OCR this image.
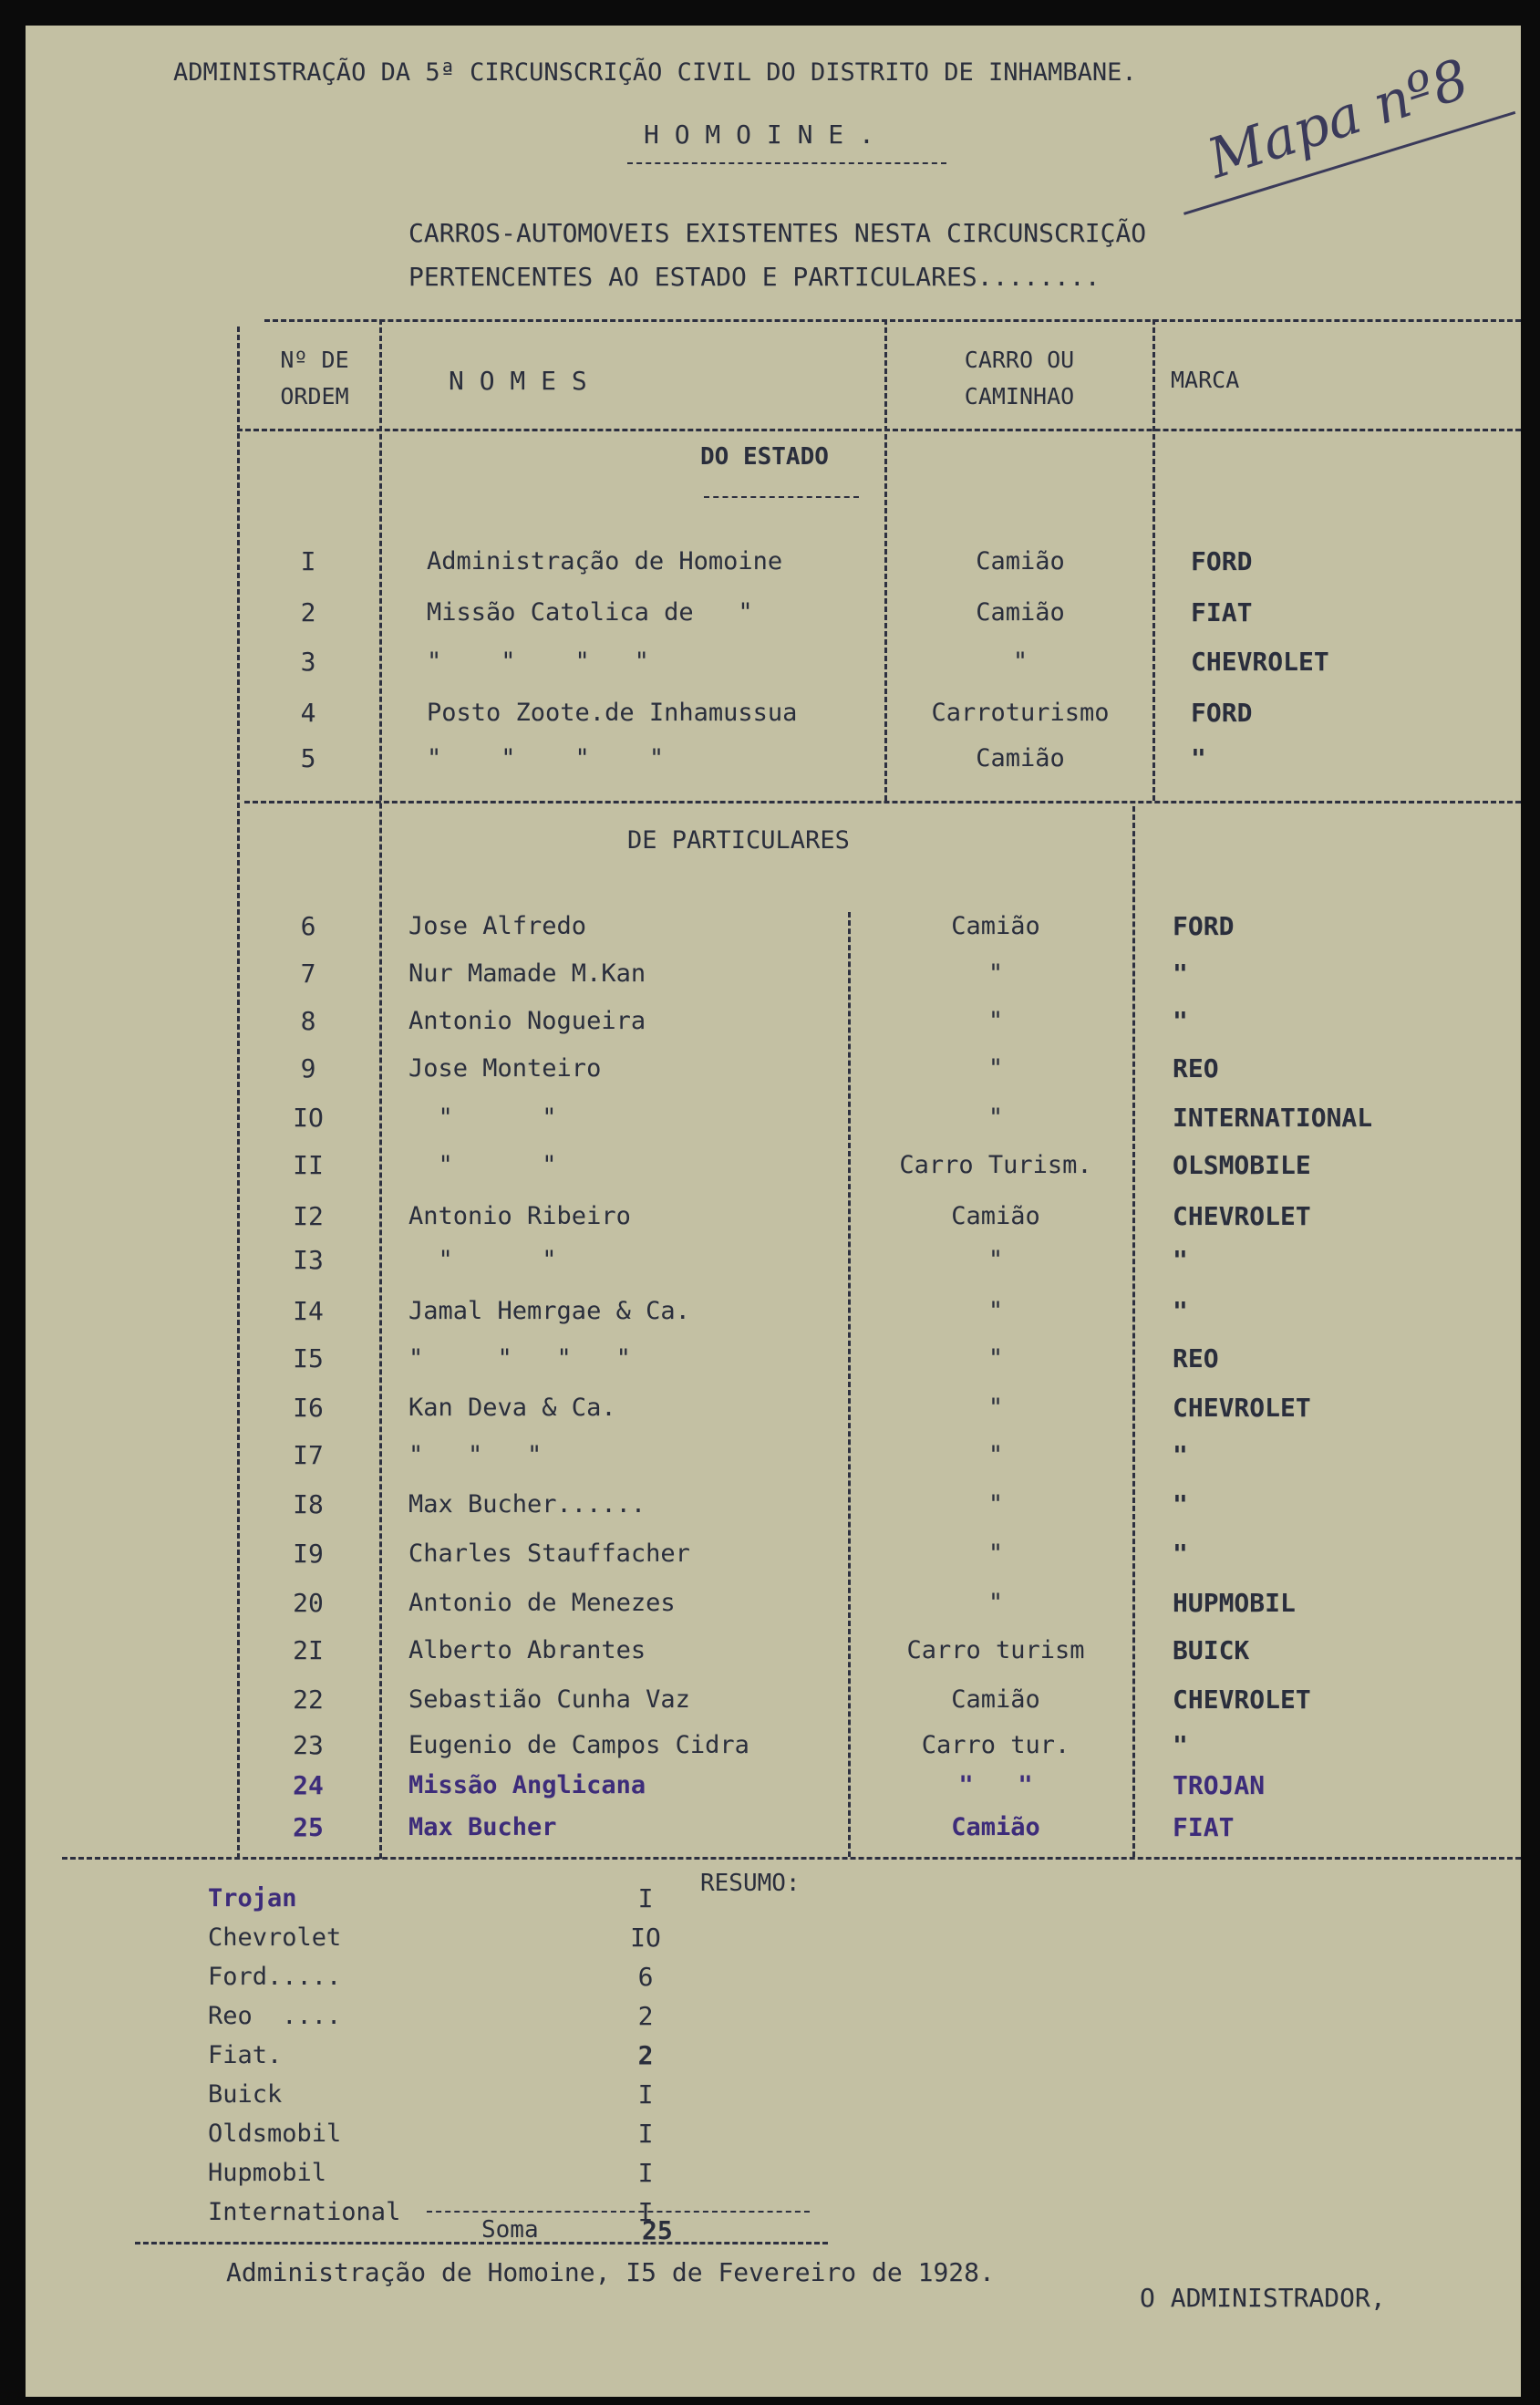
ADMINISTRAÇÃO DA 5ª CIRCUNSCRIÇÃO CIVIL DO DISTRITO DE INHAMBANE.
H O M O I N E .	Mapa nº8
CARROS-AUTOMOVEIS EXISTENTES NESTA CIRCUNSCRIÇÃO
PERTENCENTES AO ESTADO E PARTICULARES........
Nº DE
ORDEM
N O M E S
CARRO OU
CAMINHAO
MARCA
DO ESTADO
I	Administração de Homoine	Camião	FORD
2	Missão Catolica de   "	Camião	FIAT
3	"    "    "   "	"	CHEVROLET
4	Posto Zoote.de Inhamussua	Carroturismo	FORD
5	"    "    "    "	Camião	"
DE PARTICULARES
6	Jose Alfredo	Camião	FORD
7	Nur Mamade M.Kan	"	"
8	Antonio Nogueira	"	"
9	Jose Monteiro	"	REO
IO	"      "	"	INTERNATIONAL
II	"      "	Carro Turism.	OLSMOBILE
I2	Antonio Ribeiro	Camião	CHEVROLET
I3	"      "	"	"
I4	Jamal Hemrgae & Ca.	"	"
I5	"     "   "   "	"	REO
I6	Kan Deva & Ca.	"	CHEVROLET
I7	"   "   "	"	"
I8	Max Bucher......	"	"
I9	Charles Stauffacher	"	"
20	Antonio de Menezes	"	HUPMOBIL
2I	Alberto Abrantes	Carro turism	BUICK
22	Sebastião Cunha Vaz	Camião	CHEVROLET
23	Eugenio de Campos Cidra	Carro tur.	"
24	Missão Anglicana	"   "	TROJAN
25	Max Bucher	Camião	FIAT
RESUMO:
Trojan	I
Chevrolet	IO
Ford.....	6
Reo  ....	2
Fiat.	2
Buick	I
Oldsmobil	I
Hupmobil	I
International	I
Soma	25
Administração de Homoine, I5 de Fevereiro de 1928.
O ADMINISTRADOR,
